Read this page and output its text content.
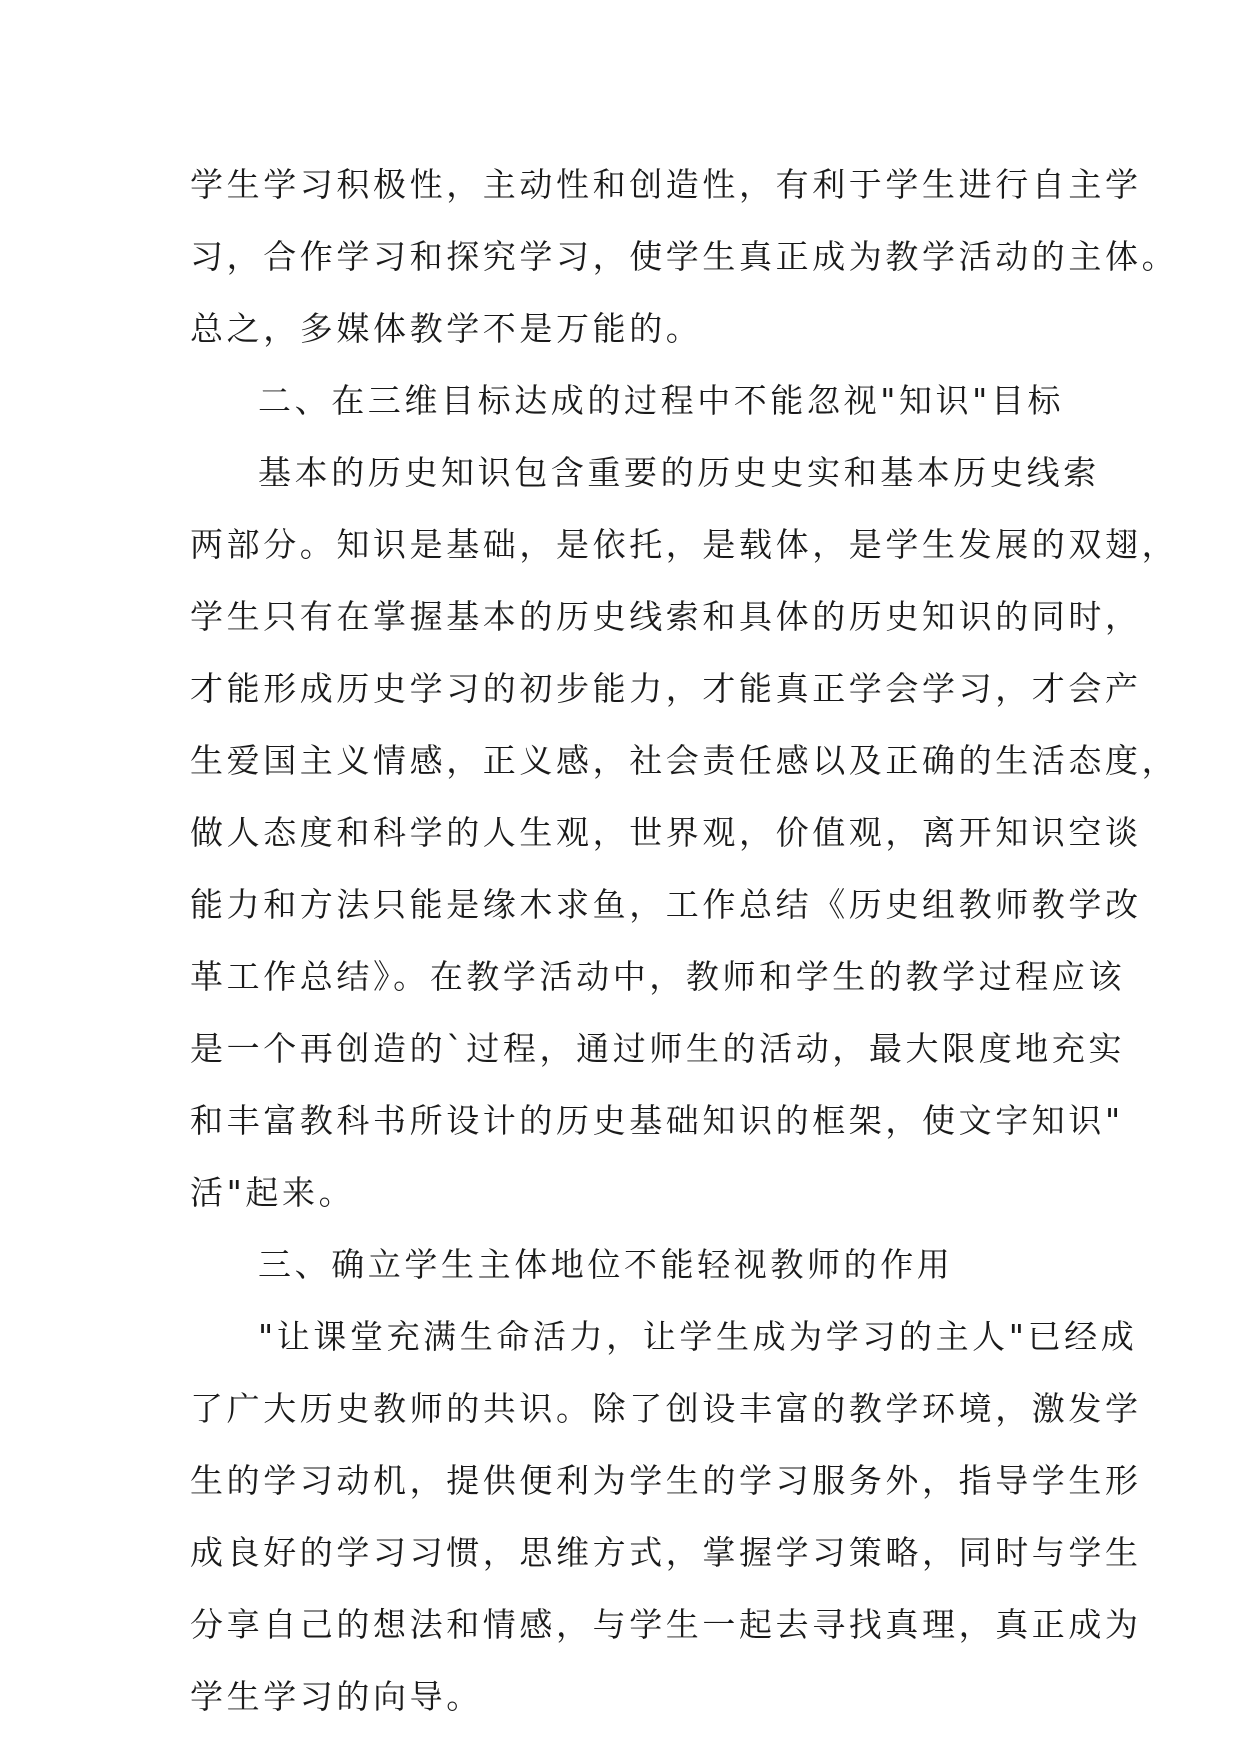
学生学习积极性，主动性和创造性，有利于学生进行自主学
习，合作学习和探究学习，使学生真正成为教学活动的主体。
总之，多媒体教学不是万能的。
二、在三维目标达成的过程中不能忽视"知识"目标
基本的历史知识包含重要的历史史实和基本历史线索
两部分。知识是基础，是依托，是载体，是学生发展的双翅，
学生只有在掌握基本的历史线索和具体的历史知识的同时，
才能形成历史学习的初步能力，才能真正学会学习，才会产
生爱国主义情感，正义感，社会责任感以及正确的生活态度，
做人态度和科学的人生观，世界观，价值观，离开知识空谈
能力和方法只能是缘木求鱼，工作总结《历史组教师教学改
革工作总结》。在教学活动中，教师和学生的教学过程应该
是一个再创造的`过程，通过师生的活动，最大限度地充实
和丰富教科书所设计的历史基础知识的框架，使文字知识"
活"起来。
三、确立学生主体地位不能轻视教师的作用
"让课堂充满生命活力，让学生成为学习的主人"已经成
了广大历史教师的共识。除了创设丰富的教学环境，激发学
生的学习动机，提供便利为学生的学习服务外，指导学生形
成良好的学习习惯，思维方式，掌握学习策略，同时与学生
分享自己的想法和情感，与学生一起去寻找真理，真正成为
学生学习的向导。
